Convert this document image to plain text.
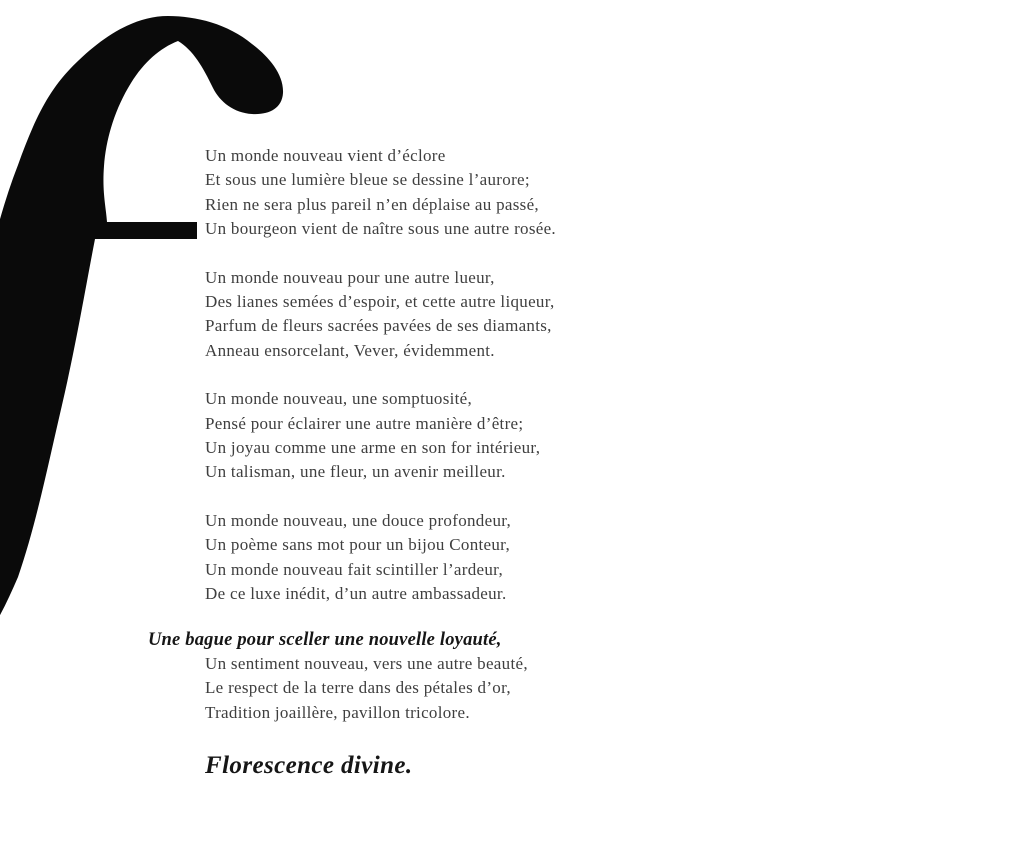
Un monde nouveau vient d’éclore
Et sous une lumière bleue se dessine l’aurore;
Rien ne sera plus pareil n’en déplaise au passé,
Un bourgeon vient de naître sous une autre rosée.
Un monde nouveau pour une autre lueur,
Des lianes semées d’espoir, et cette autre liqueur,
Parfum de fleurs sacrées pavées de ses diamants,
Anneau ensorcelant, Vever, évidemment.
Un monde nouveau, une somptuosité,
Pensé pour éclairer une autre manière d’être;
Un joyau comme une arme en son for intérieur,
Un talisman, une fleur, un avenir meilleur.
Un monde nouveau, une douce profondeur,
Un poème sans mot pour un bijou Conteur,
Un monde nouveau fait scintiller l’ardeur,
De ce luxe inédit, d’un autre ambassadeur.
Une bague pour sceller une nouvelle loyauté,
Un sentiment nouveau, vers une autre beauté,
Le respect de la terre dans des pétales d’or,
Tradition joaillère, pavillon tricolore.
Florescence divine.
